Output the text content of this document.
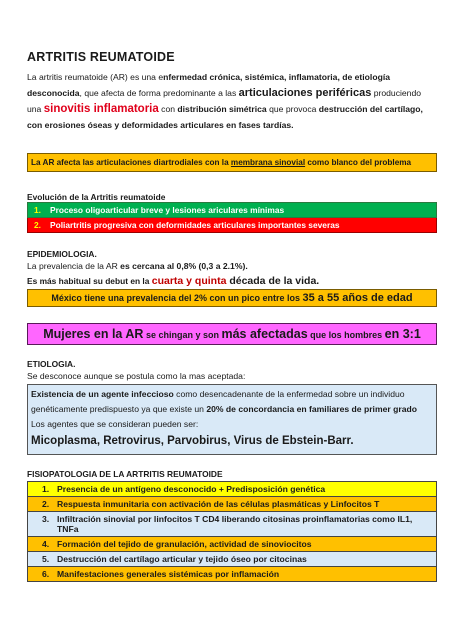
ARTRITIS REUMATOIDE

La artritis reumatoide (AR) es una enfermedad crónica, sistémica, inflamatoria, de etiología desconocida, que afecta de forma predominante a las articulaciones periféricas produciendo una sinovitis inflamatoria con distribución simétrica que provoca destrucción del cartílago, con erosiones óseas y deformidades articulares en fases tardías.

La AR afecta las articulaciones diartrodiales con la membrana sinovial como blanco del problema

Evolución de la Artritis reumatoide

1. Proceso oligoarticular breve y lesiones ariculares mínimas
2. Poliartritis progresiva con deformidades articulares importantes severas

EPIDEMIOLOGIA.

La prevalencia de la AR es cercana al 0,8% (0,3 a 2.1%).

Es más habitual su debut en la cuarta y quinta década de la vida.

México tiene una prevalencia del 2% con un pico entre los 35 a 55 años de edad
Mujeres en la AR se chingan y son más afectadas que los hombres en 3:1

ETIOLOGIA.

Se desconoce aunque se postula como la mas aceptada:

Existencia de un agente infeccioso como desencadenante de la enfermedad sobre un individuo genéticamente predispuesto ya que existe un 20% de concordancia en familiares de primer grado
Los agentes que se consideran pueden ser:
Micoplasma, Retrovirus, Parvobirus, Virus de Ebstein-Barr.

FISIOPATOLOGIA DE LA ARTRITIS REUMATOIDE

1. Presencia de un antígeno desconocido + Predisposición genética
2. Respuesta inmunitaria con activación de las células plasmáticas y Linfocitos T
3. Infiltración sinovial por linfocitos T CD4 liberando citosinas proinflamatorias como IL1, TNFa
4. Formación del tejido de granulación, actividad de sinoviocitos
5. Destrucción del cartílago articular y tejido óseo por citocinas
6. Manifestaciones generales sistémicas por inflamación
